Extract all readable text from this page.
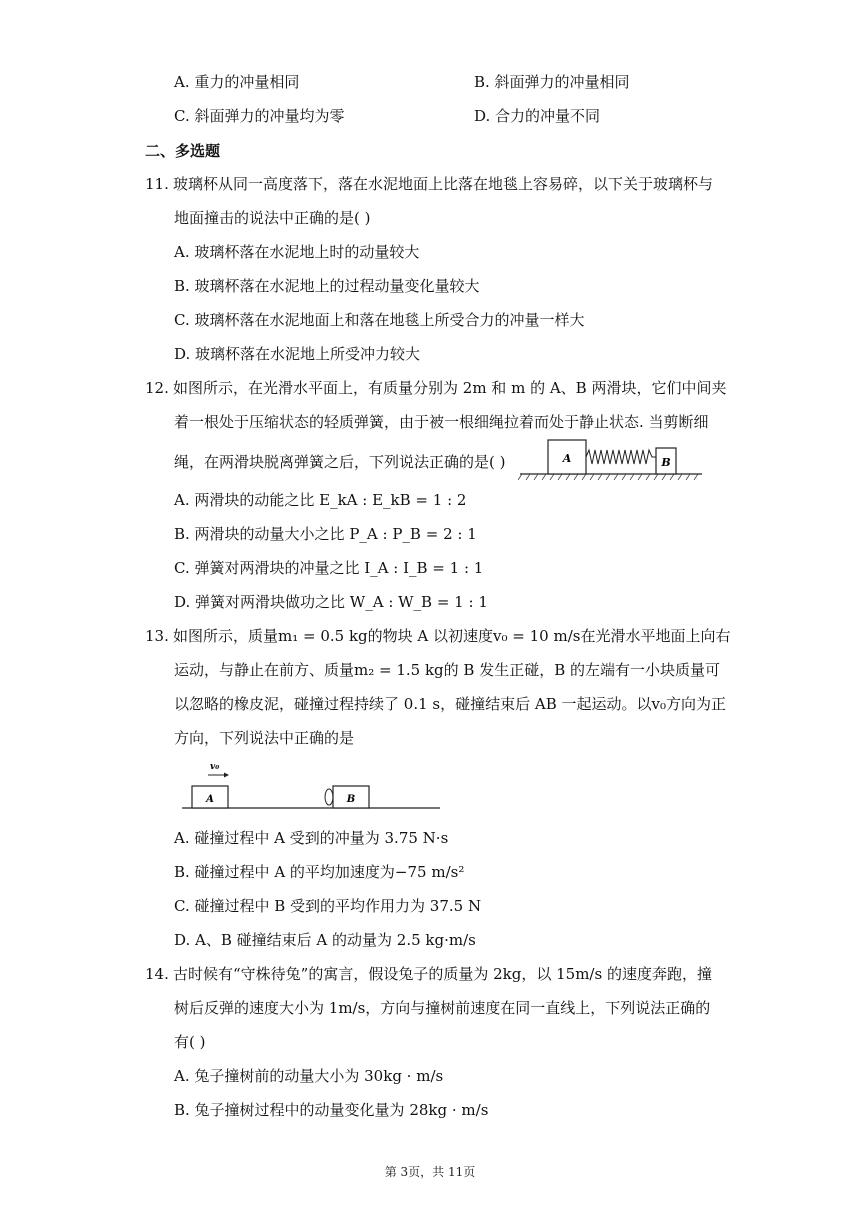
A. 重力的冲量相同	B. 斜面弹力的冲量相同
C. 斜面弹力的冲量均为零	D. 合力的冲量不同
二、多选题
11. 玻璃杯从同一高度落下，落在水泥地面上比落在地毯上容易碎，以下关于玻璃杯与
地面撞击的说法中正确的是( )
A. 玻璃杯落在水泥地上时的动量较大
B. 玻璃杯落在水泥地上的过程动量变化量较大
C. 玻璃杯落在水泥地面上和落在地毯上所受合力的冲量一样大
D. 玻璃杯落在水泥地上所受冲力较大
12. 如图所示，在光滑水平面上，有质量分别为 2m 和 m 的 A、B 两滑块，它们中间夹
着一根处于压缩状态的轻质弹簧，由于被一根细绳拉着而处于静止状态. 当剪断细
绳，在两滑块脱离弹簧之后，下列说法正确的是( )	A	B
A. 两滑块的动能之比 E_kA : E_kB = 1 : 2
B. 两滑块的动量大小之比 P_A : P_B = 2 : 1
C. 弹簧对两滑块的冲量之比 I_A : I_B = 1 : 1
D. 弹簧对两滑块做功之比 W_A : W_B = 1 : 1
13. 如图所示，质量m₁ = 0.5 kg的物块 A 以初速度v₀ = 10 m/s在光滑水平地面上向右
运动，与静止在前方、质量m₂ = 1.5 kg的 B 发生正碰，B 的左端有一小块质量可
以忽略的橡皮泥，碰撞过程持续了 0.1 s，碰撞结束后 AB 一起运动。以v₀方向为正
方向，下列说法中正确的是
v₀
A	B
A. 碰撞过程中 A 受到的冲量为 3.75 N·s
B. 碰撞过程中 A 的平均加速度为−75 m/s²
C. 碰撞过程中 B 受到的平均作用力为 37.5 N
D. A、B 碰撞结束后 A 的动量为 2.5 kg·m/s
14. 古时候有“守株待兔”的寓言，假设兔子的质量为 2kg，以 15m/s 的速度奔跑，撞
树后反弹的速度大小为 1m/s，方向与撞树前速度在同一直线上，下列说法正确的
有( )
A. 兔子撞树前的动量大小为 30kg · m/s
B. 兔子撞树过程中的动量变化量为 28kg · m/s
第 3页，共 11页
